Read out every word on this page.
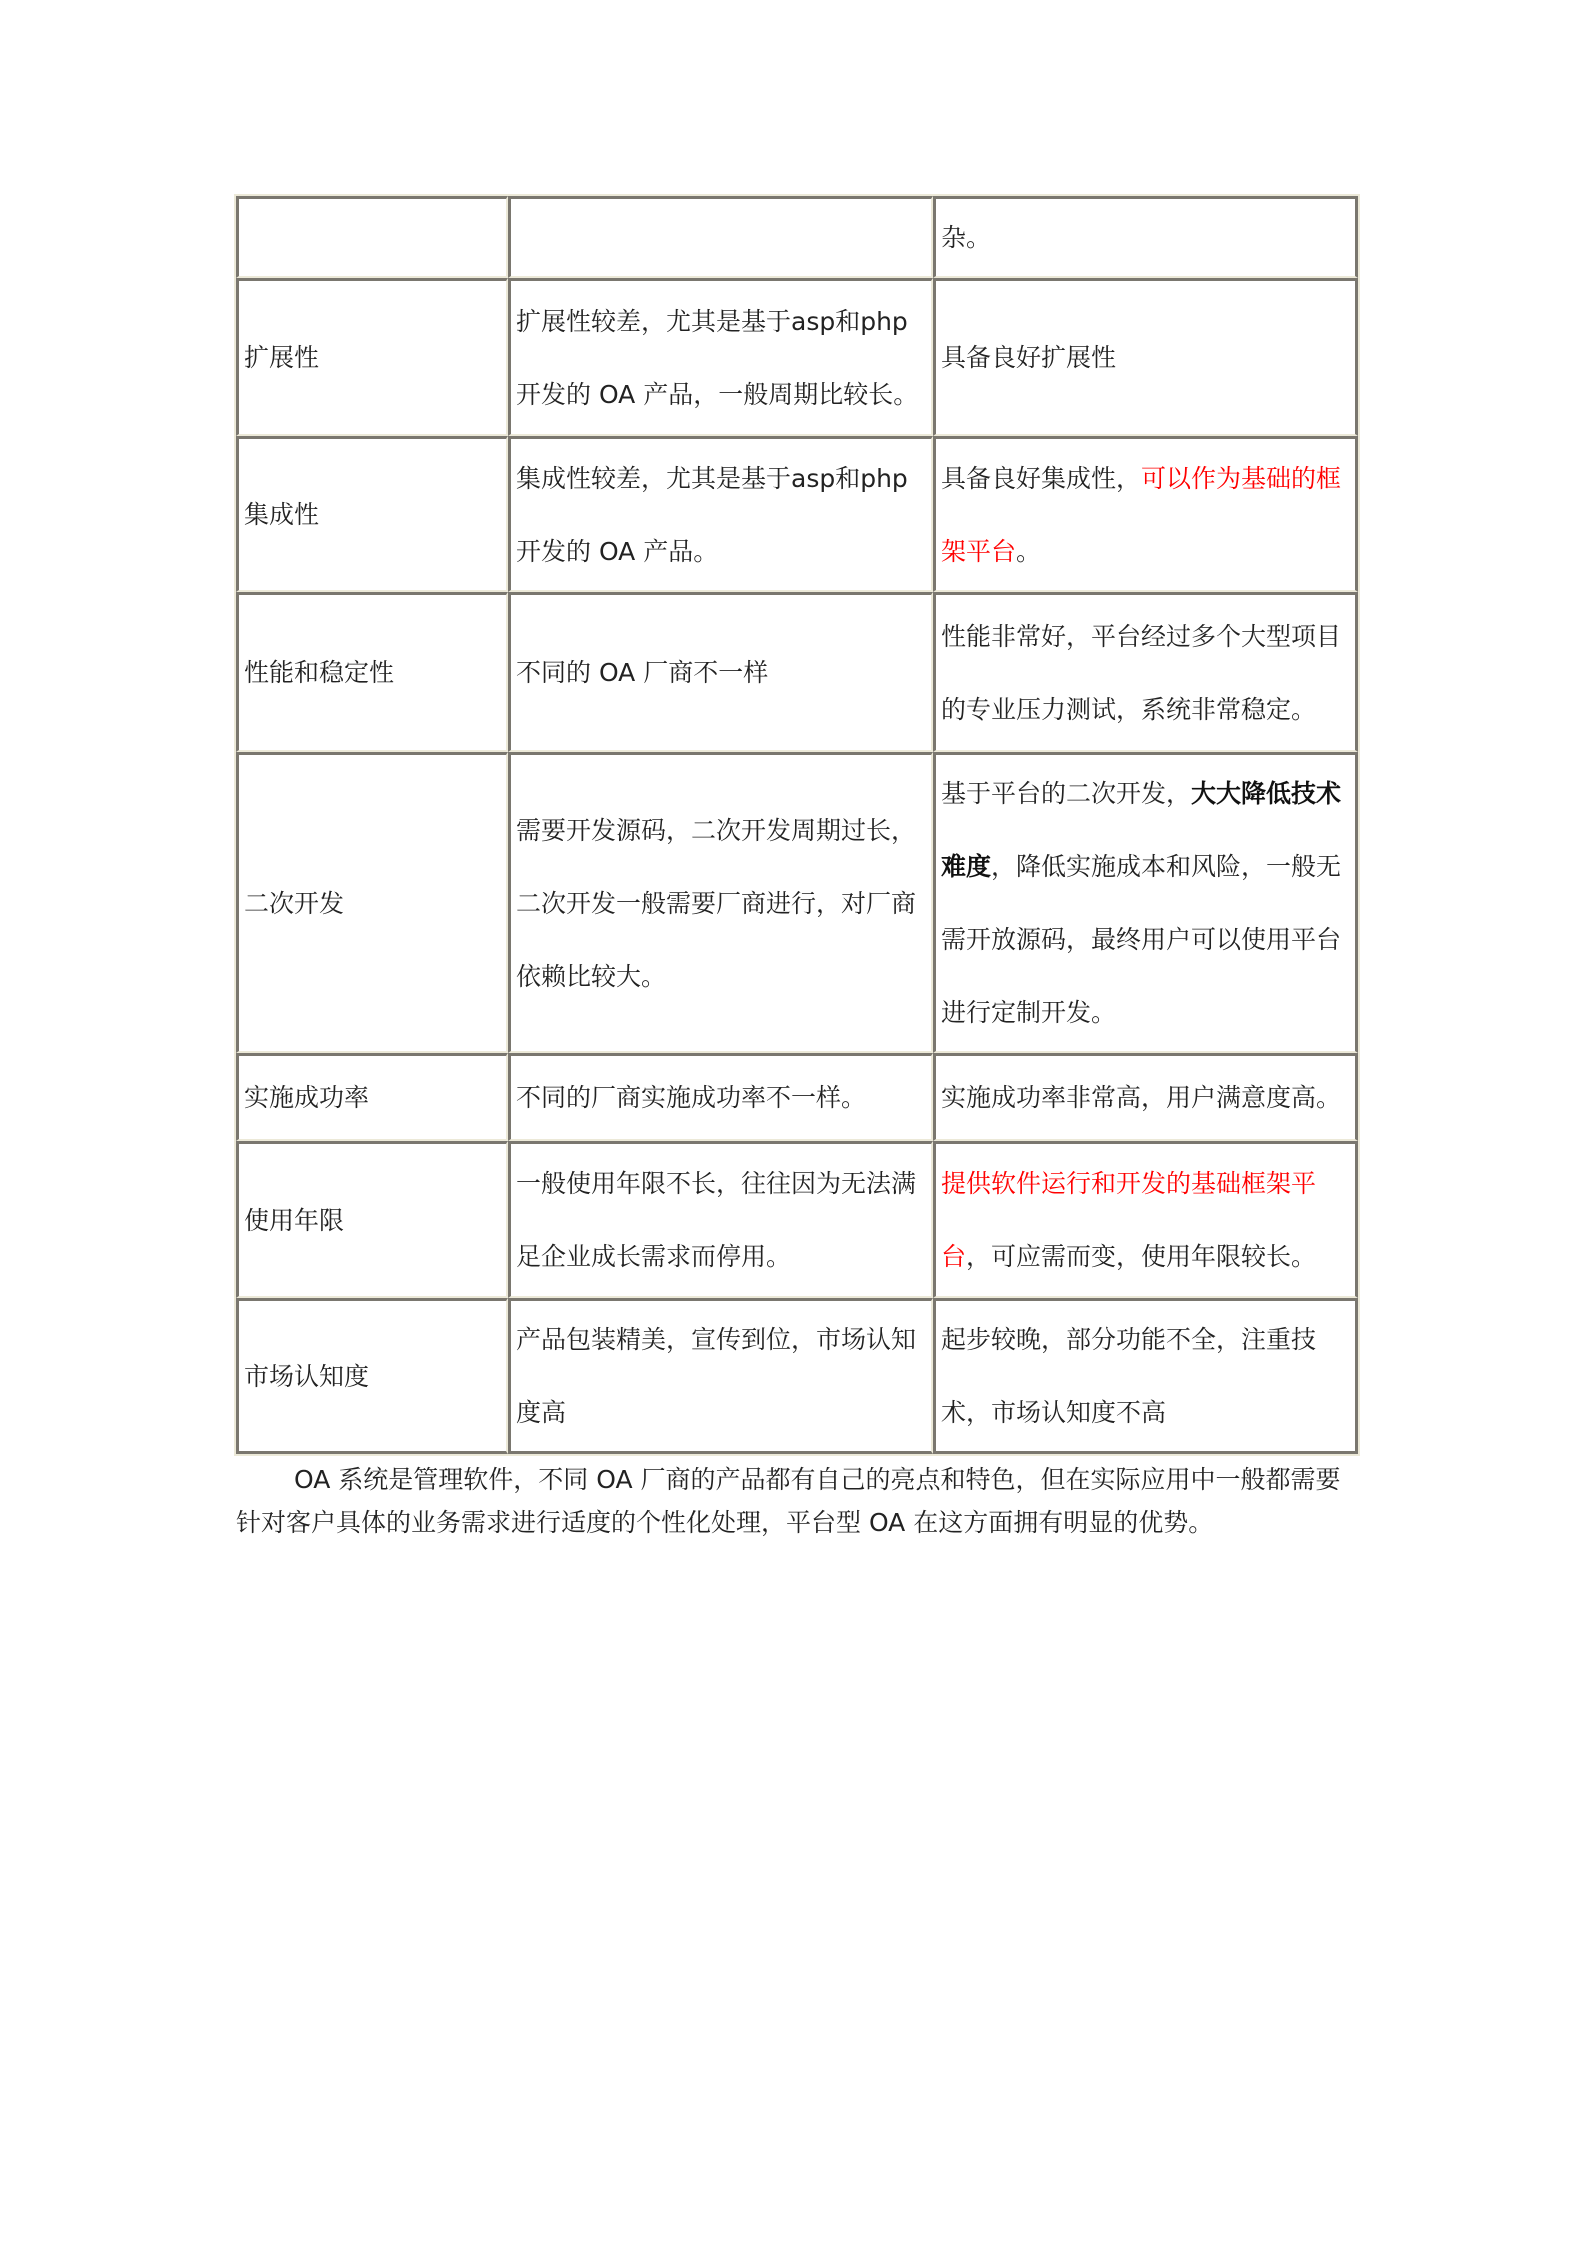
		杂。
扩展性	扩展性较差，尤其是基于asp和php开发的 OA 产品，一般周期比较长。	具备良好扩展性
集成性	集成性较差，尤其是基于asp和php开发的 OA 产品。	具备良好集成性，可以作为基础的框架平台。
性能和稳定性	不同的 OA 厂商不一样	性能非常好，平台经过多个大型项目的专业压力测试，系统非常稳定。
二次开发	需要开发源码，二次开发周期过长，二次开发一般需要厂商进行，对厂商依赖比较大。	基于平台的二次开发，大大降低技术难度，降低实施成本和风险，一般无需开放源码，最终用户可以使用平台进行定制开发。
实施成功率	不同的厂商实施成功率不一样。	实施成功率非常高，用户满意度高。
使用年限	一般使用年限不长，往往因为无法满足企业成长需求而停用。	提供软件运行和开发的基础框架平台，可应需而变，使用年限较长。
市场认知度	产品包装精美，宣传到位，市场认知度高	起步较晚，部分功能不全，注重技术，市场认知度不高

OA 系统是管理软件，不同 OA 厂商的产品都有自己的亮点和特色，但在实际应用中一般都需要针对客户具体的业务需求进行适度的个性化处理，平台型 OA 在这方面拥有明显的优势。
